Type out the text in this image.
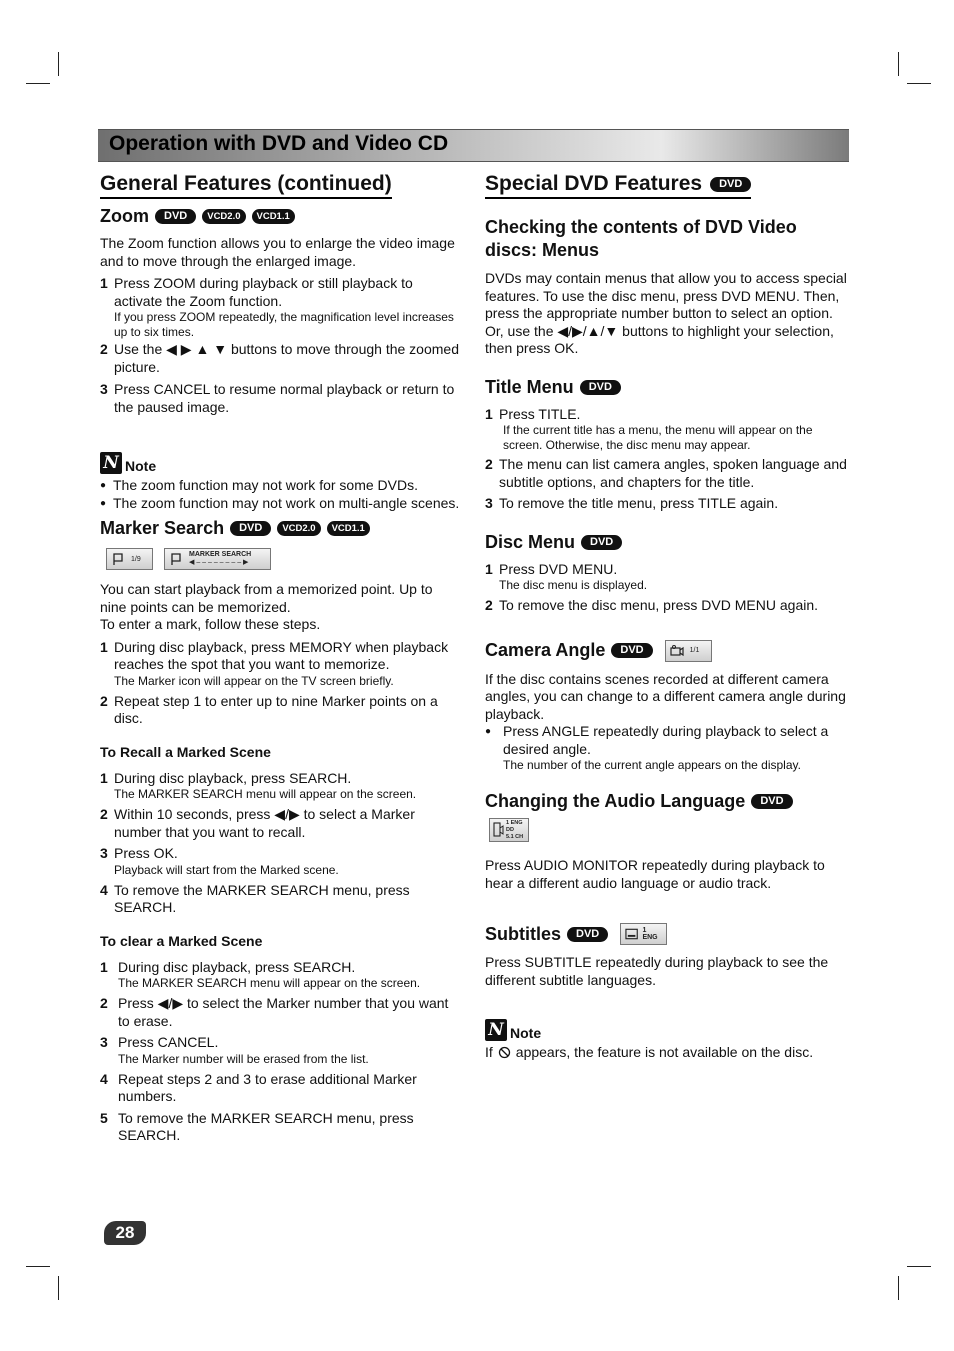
Operation with DVD and Video CD
General Features (continued)
Zoom	DVD	VCD2.0	VCD1.1

The Zoom function allows you to enlarge the video image and to move through the enlarged image.

1 Press ZOOM during playback or still playback to activate the Zoom function.
If you press ZOOM repeatedly, the magnification level increases up to six times.
2 Use the ◀ ▶ ▲ ▼ buttons to move through the zoomed picture.
3 Press CANCEL to resume normal playback or return to the paused image.
N Note
● The zoom function may not work for some DVDs.
● The zoom function may not work on multi-angle scenes.
Marker Search	DVD	VCD2.0	VCD1.1
1/9
MARKER SEARCH
◀ – – – – – – – – ▶

You can start playback from a memorized point. Up to nine points can be memorized.

To enter a mark, follow these steps.

1 During disc playback, press MEMORY when playback reaches the spot that you want to memorize.
The Marker icon will appear on the TV screen briefly.
2 Repeat step 1 to enter up to nine Marker points on a disc.
To Recall a Marked Scene
1 During disc playback, press SEARCH.
The MARKER SEARCH menu will appear on the screen.
2 Within 10 seconds, press ◀/▶ to select a Marker number that you want to recall.
3 Press OK.
Playback will start from the Marked scene.
4 To remove the MARKER SEARCH menu, press SEARCH.
To clear a Marked Scene
1 During disc playback, press SEARCH.
The MARKER SEARCH menu will appear on the screen.
2 Press ◀/▶ to select the Marker number that you want to erase.
3 Press CANCEL.
The Marker number will be erased from the list.
4 Repeat steps 2 and 3 to erase additional Marker numbers.
5 To remove the MARKER SEARCH menu, press SEARCH.
Special DVD Features	DVD
Checking the contents of DVD Video discs: Menus

DVDs may contain menus that allow you to access special features. To use the disc menu, press DVD MENU. Then, press the appropriate number button to select an option. Or, use the ◀/▶/▲/▼ buttons to highlight your selection, then press OK.

Title Menu	DVD
1 Press TITLE.
If the current title has a menu, the menu will appear on the screen. Otherwise, the disc menu may appear.
2 The menu can list camera angles, spoken language and subtitle options, and chapters for the title.
3 To remove the title menu, press TITLE again.
Disc Menu	DVD
1 Press DVD MENU.
The disc menu is displayed.
2 To remove the disc menu, press DVD MENU again.
Camera Angle	DVD	1/1

If the disc contains scenes recorded at different camera angles, you can change to a different camera angle during playback.

● Press ANGLE repeatedly during playback to select a desired angle.
The number of the current angle appears on the display.
Changing the Audio Language	DVD
1 ENG
DD
5.1 CH

Press AUDIO MONITOR repeatedly during playback to hear a different audio language or audio track.

Subtitles	DVD	1 ENG

Press SUBTITLE repeatedly during playback to see the different subtitle languages.

N Note
If appears, the feature is not available on the disc.
28
